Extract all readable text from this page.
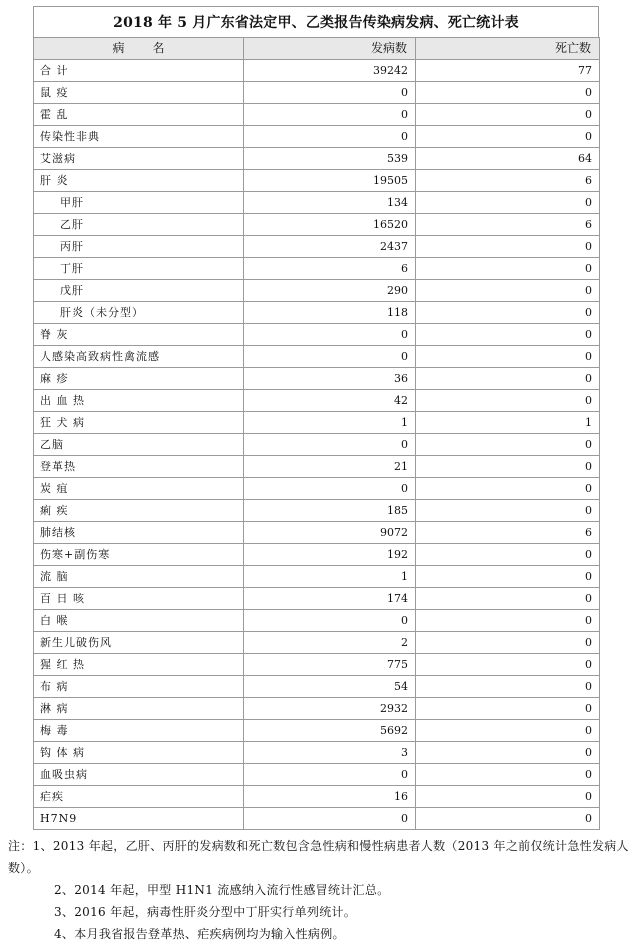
2018 年 5 月广东省法定甲、乙类报告传染病发病、死亡统计表
病名	发病数	死亡数
合 计	39242	77
鼠 疫	0	0
霍 乱	0	0
传染性非典	0	0
艾滋病	539	64
肝 炎	19505	6
甲肝	134	0
乙肝	16520	6
丙肝	2437	0
丁肝	6	0
戊肝	290	0
肝炎（未分型）	118	0
脊 灰	0	0
人感染高致病性禽流感	0	0
麻 疹	36	0
出 血 热	42	0
狂 犬 病	1	1
乙脑	0	0
登革热	21	0
炭 疽	0	0
痢 疾	185	0
肺结核	9072	6
伤寒+副伤寒	192	0
流 脑	1	0
百 日 咳	174	0
白 喉	0	0
新生儿破伤风	2	0
猩 红 热	775	0
布 病	54	0
淋 病	2932	0
梅 毒	5692	0
钩 体 病	3	0
血吸虫病	0	0
疟疾	16	0
H7N9	0	0

注：1、2013 年起，乙肝、丙肝的发病数和死亡数包含急性病和慢性病患者人数（2013 年之前仅统计急性发病人数）。

2、2014 年起，甲型 H1N1 流感纳入流行性感冒统计汇总。

3、2016 年起，病毒性肝炎分型中丁肝实行单列统计。

4、本月我省报告登革热、疟疾病例均为输入性病例。
